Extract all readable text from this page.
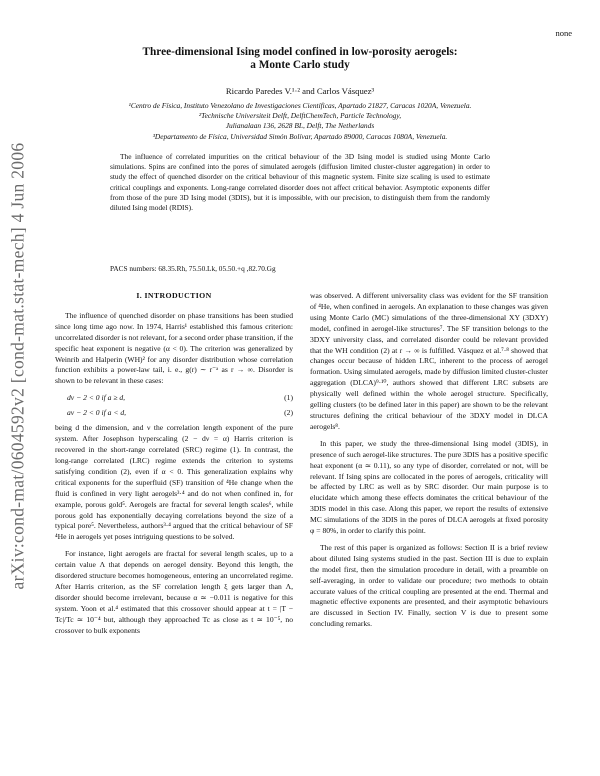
none
arXiv:cond-mat/0604592v2 [cond-mat.stat-mech] 4 Jun 2006
Three-dimensional Ising model confined in low-porosity aerogels:
a Monte Carlo study
Ricardo Paredes V.¹·² and Carlos Vásquez³
¹Centro de Física, Instituto Venezolano de Investigaciones Científicas, Apartado 21827, Caracas 1020A, Venezuela.
²Technische Universiteit Delft, DelftChemTech, Particle Technology,
Julianalaan 136, 2628 BL, Delft, The Netherlands
³Departamento de Física, Universidad Simón Bolívar, Apartado 89000, Caracas 1080A, Venezuela.

The influence of correlated impurities on the critical behaviour of the 3D Ising model is studied using Monte Carlo simulations. Spins are confined into the pores of simulated aerogels (diffusion limited cluster-cluster aggregation) in order to study the effect of quenched disorder on the critical behaviour of this magnetic system. Finite size scaling is used to estimate critical couplings and exponents. Long-range correlated disorder does not affect critical behavior. Asymptotic exponents differ from those of the pure 3D Ising model (3DIS), but it is impossible, with our precision, to distinguish them from the randomly diluted Ising model (RDIS).

PACS numbers: 68.35.Rh, 75.50.Lk, 05.50.+q ,82.70.Gg
I. INTRODUCTION

The influence of quenched disorder on phase transitions has been studied since long time ago now. In 1974, Harris¹ established this famous criterion: uncorrelated disorder is not relevant, for a second order phase transition, if the specific heat exponent is negative (α < 0). The criterion was generalized by Weinrib and Halperin (WH)² for any disorder distribution whose correlation function exhibits a power-law tail, i. e., g(r) ∼ r⁻ᵃ as r → ∞. Disorder is shown to be relevant in these cases:

dν − 2 < 0 if a ≥ d,	(1)
aν − 2 < 0 if a < d,	(2)

being d the dimension, and ν the correlation length exponent of the pure system. After Josephson hyperscaling (2 − dν = α) Harris criterion is recovered in the short-range correlated (SRC) regime (1). In contrast, the long-range correlated (LRC) regime extends the criterion to systems satisfying condition (2), even if α < 0. This generalization explains why critical exponents for the superfluid (SF) transition of ⁴He change when the fluid is confined in very light aerogels³·⁴ and do not when confined in, for example, porous gold⁵. Aerogels are fractal for several length scales⁶, while porous gold has exponentially decaying correlations beyond the size of a typical pore⁵. Nevertheless, authors³·⁴ argued that the critical behaviour of SF ⁴He in aerogels yet poses intriguing questions to be solved.

For instance, light aerogels are fractal for several length scales, up to a certain value Λ that depends on aerogel density. Beyond this length, the disordered structure becomes homogeneous, entering an uncorrelated regime. After Harris criterion, as the SF correlation length ξ gets larger than Λ, disorder should become irrelevant, because α ≃ −0.011 is negative for this system. Yoon et al.⁴ estimated that this crossover should appear at t = |T − Tc|/Tc ≃ 10⁻⁴ but, although they approached Tc as close as t ≃ 10⁻⁵, no crossover to bulk exponents

was observed. A different universality class was evident for the SF transition of ⁴He, when confined in aerogels. An explanation to these changes was given using Monte Carlo (MC) simulations of the three-dimensional XY (3DXY) model, confined in aerogel-like structures⁷. The SF transition belongs to the 3DXY university class, and correlated disorder could be relevant provided that the WH condition (2) at r → ∞ is fulfilled. Vásquez et al.⁷·⁸ showed that changes occur because of hidden LRC, inherent to the process of aerogel formation. Using simulated aerogels, made by diffusion limited cluster-cluster aggregation (DLCA)⁹·¹⁰, authors showed that different LRC subsets are physically well defined within the whole aerogel structure. Specifically, gelling clusters (to be defined later in this paper) are shown to be the relevant structures defining the critical behaviour of the 3DXY model in DLCA aerogels⁸.

In this paper, we study the three-dimensional Ising model (3DIS), in presence of such aerogel-like structures. The pure 3DIS has a positive specific heat exponent (α ≃ 0.11), so any type of disorder, correlated or not, will be relevant. If Ising spins are collocated in the pores of aerogels, criticality will be affected by LRC as well as by SRC disorder. Our main purpose is to elucidate which among these effects dominates the critical behaviour of the 3DIS model in this case. Along this paper, we report the results of extensive MC simulations of the 3DIS in the pores of DLCA aerogels at fixed porosity φ = 80%, in order to clarify this point.

The rest of this paper is organized as follows: Section II is a brief review about diluted Ising systems studied in the past. Section III is due to explain the model first, then the simulation procedure in detail, with a preamble on self-averaging, in order to validate our procedure; two methods to obtain accurate values of the critical coupling are presented at the end. Thermal and magnetic effective exponents are presented, and their asymptotic behaviours are discussed in Section IV. Finally, section V is due to present some concluding remarks.
